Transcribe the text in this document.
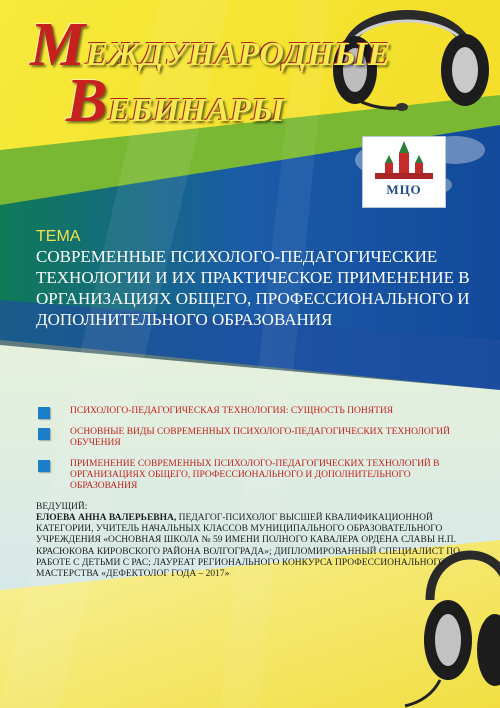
МЕЖДУНАРОДНЫЕ
ВЕБИНАРЫ
МЦО
ТЕМА
СОВРЕМЕННЫЕ ПСИХОЛОГО-ПЕДАГОГИЧЕСКИЕ ТЕХНОЛОГИИ И ИХ ПРАКТИЧЕСКОЕ ПРИМЕНЕНИЕ В ОРГАНИЗАЦИЯХ ОБЩЕГО, ПРОФЕССИОНАЛЬНОГО И ДОПОЛНИТЕЛЬНОГО ОБРАЗОВАНИЯ
ПСИХОЛОГО-ПЕДАГОГИЧЕСКАЯ ТЕХНОЛОГИЯ: СУЩНОСТЬ ПОНЯТИЯ
ОСНОВНЫЕ ВИДЫ СОВРЕМЕННЫХ ПСИХОЛОГО-ПЕДАГОГИЧЕСКИХ ТЕХНОЛОГИЙ ОБУЧЕНИЯ
ПРИМЕНЕНИЕ СОВРЕМЕННЫХ ПСИХОЛОГО-ПЕДАГОГИЧЕСКИХ ТЕХНОЛОГИЙ В ОРГАНИЗАЦИЯХ ОБЩЕГО, ПРОФЕССИОНАЛЬНОГО И ДОПОЛНИТЕЛЬНОГО ОБРАЗОВАНИЯ
ВЕДУЩИЙ:
ЕЛОЕВА АННА ВАЛЕРЬЕВНА, ПЕДАГОГ-ПСИХОЛОГ ВЫСШЕЙ КВАЛИФИКАЦИОННОЙ КАТЕГОРИИ, УЧИТЕЛЬ НАЧАЛЬНЫХ КЛАССОВ МУНИЦИПАЛЬНОГО ОБРАЗОВАТЕЛЬНОГО УЧРЕЖДЕНИЯ «ОСНОВНАЯ ШКОЛА № 59 ИМЕНИ ПОЛНОГО КАВАЛЕРА ОРДЕНА СЛАВЫ Н.П. КРАСЮКОВА КИРОВСКОГО РАЙОНА ВОЛГОГРАДА»; ДИПЛОМИРОВАННЫЙ СПЕЦИАЛИСТ ПО РАБОТЕ С ДЕТЬМИ С РАС; ЛАУРЕАТ РЕГИОНАЛЬНОГО КОНКУРСА ПРОФЕССИОНАЛЬНОГО МАСТЕРСТВА «ДЕФЕКТОЛОГ ГОДА – 2017»
